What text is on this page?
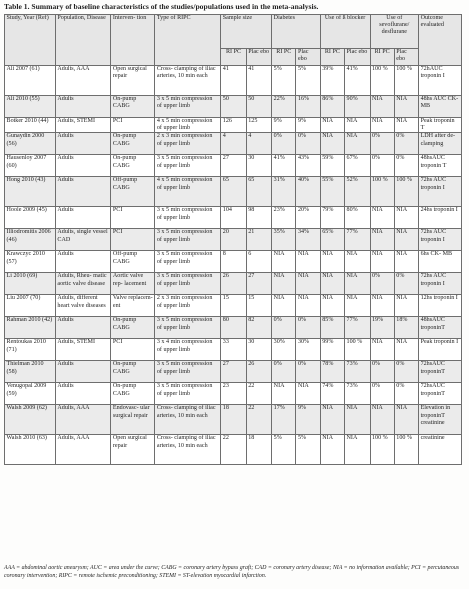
Table 1. Summary of baseline characteristics of the studies/populations used in the meta-analysis.
Study, Year (Ref)	Population, Disease	Interven- tion	Type of RIPC	Sample size		Diabetes		Use of ß blocker		Use of sevoflurane/ desflurane		Outcome evaluated
				RI PC	Plac ebo	RI PC	Plac ebo	RI PC	Plac ebo	RI PC	Plac ebo	
Ali 2007 (61)	Adults, AAA	Open surgical repair	Cross- clamping of iliac arteries, 10 min each	41	41	5%	5%	39%	41%	100 %	100 %	72hAUC troponin I
Ali 2010 (55)	Adults	On-pump CABG	3 x 5 min compression of upper limb	50	50	22%	16%	86%	90%	NIA	NIA	48hs AUC CK-MB
Botker 2010 (44)	Adults, STEMI	PCI	4 x 5 min compression of upper limb	126	125	9%	9%	NIA	NIA	NIA	NIA	Peak troponin T
Gunaydin 2000 (56)	Adults	On-pump CABG	2 x 3 min compression of upper limb	4	4	0%	0%	NIA	NIA	0%	0%	LDH after de- clamping
Hausenloy 2007 (60)	Adults	On-pump CABG	3 x 5 min compression of upper limb	27	30	41%	43%	59%	67%	0%	0%	48hsAUC troponin T
Hong 2010 (43)	Adults	Off-pump CABG	4 x 5 min compression of upper limb	65	65	31%	40%	55%	52%	100 %	100 %	72hs AUC troponin I
Hoole 2009 (45)	Adults	PCI	3 x 5 min compression of upper limb	104	98	23%	20%	79%	80%	NIA	NIA	24hs troponin I
Illiodromitis 2006 (46)	Adults, single vessel CAD	PCI	3 x 5 min compression of upper limb	20	21	35%	34%	65%	77%	NIA	NIA	72hs AUC troponin I
Krawczyc 2010 (57)	Adults	Off-pump CABG	3 x 5 min compression of upper limb	8	6	NIA	NIA	NIA	NIA	NIA	NIA	6hs CK- MB
Li 2010 (69)	Adults, Rheu- matic aortic valve disease	Aortic valve rep- lacement	3 x 5 min compression of upper limb	26	27	NIA	NIA	NIA	NIA	0%	0%	72hs AUC troponin I
Liu 2007 (70)	Adults, different heart valve diseases	Valve replacem- ent	2 x 3 min compression of upper limb	15	15	NIA	NIA	NIA	NIA	NIA	NIA	12hs troponin I
Rahman 2010 (42)	Adults	On-pump CABG	3 x 5 min compression of upper limb	80	82	0%	0%	85%	77%	19%	18%	48hsAUC troponinT
Rentoukas 2010 (71)	Adults, STEMI	PCI	3 x 4 min compression of upper limb	33	30	30%	30%	99%	100 %	NIA	NIA	Peak troponin I
Thielman 2010 (58)	Adults	On-pump CABG	3 x 5 min compression of upper limb	27	26	0%	0%	78%	73%	0%	0%	72hsAUC troponinT
Venugopal 2009 (59)	Adults	On-pump CABG	3 x 5 min compression of upper limb	23	22	NIA	NIA	74%	73%	0%	0%	72hsAUC troponinT
Walsh 2009 (62)	Adults, AAA	Endovasc- ular surgical repair	Cross- clamping of iliac arteries, 10 min each	18	22	17%	9%	NIA	NIA	NIA	NIA	Elevation in troponinT creatinine
Walsh 2010 (63)	Adults, AAA	Open surgical repair	Cross- clamping of iliac arteries, 10 min each	22	18	5%	5%	NIA	NIA	100 %	100 %	creatinine
AAA = abdominal aortic aneurysm; AUC = area under the curve; CABG = coronary artery bypass graft; CAD = coronary artery disease; NIA = no information available; PCI = percutaneous coronary intervention; RIPC = remote ischemic preconditioning; STEMI = ST-elevation myocardial infarction.
